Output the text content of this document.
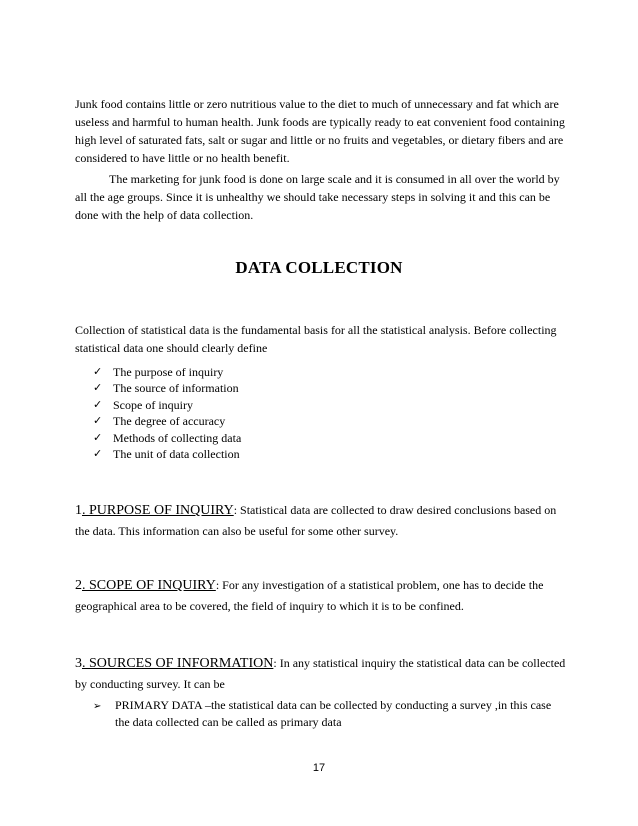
Junk food contains little or zero nutritious value to the diet to much of unnecessary and fat which are useless and harmful to human health. Junk foods are typically ready to eat convenient food containing high level of saturated fats, salt or sugar and little or no fruits and vegetables, or dietary fibers and are considered to have little or no health benefit.

The marketing for junk food is done on large scale and it is consumed in all over the world by all the age groups. Since it is unhealthy we should take necessary steps in solving it and this can be done with the help of data collection.

DATA COLLECTION

Collection of statistical data is the fundamental basis for all the statistical analysis. Before collecting statistical data one should clearly define

✓ The purpose of inquiry
✓ The source of information
✓ Scope of inquiry
✓ The degree of accuracy
✓ Methods of collecting data
✓ The unit of data collection

1. PURPOSE OF INQUIRY: Statistical data are collected to draw desired conclusions based on the data. This information can also be useful for some other survey.

2. SCOPE OF INQUIRY: For any investigation of a statistical problem, one has to decide the geographical area to be covered, the field of inquiry to which it is to be confined.

3. SOURCES OF INFORMATION: In any statistical inquiry the statistical data can be collected by conducting survey. It can be

➢	PRIMARY DATA –the statistical data can be collected by conducting a survey ,in this case the data collected can be called as primary data
17
